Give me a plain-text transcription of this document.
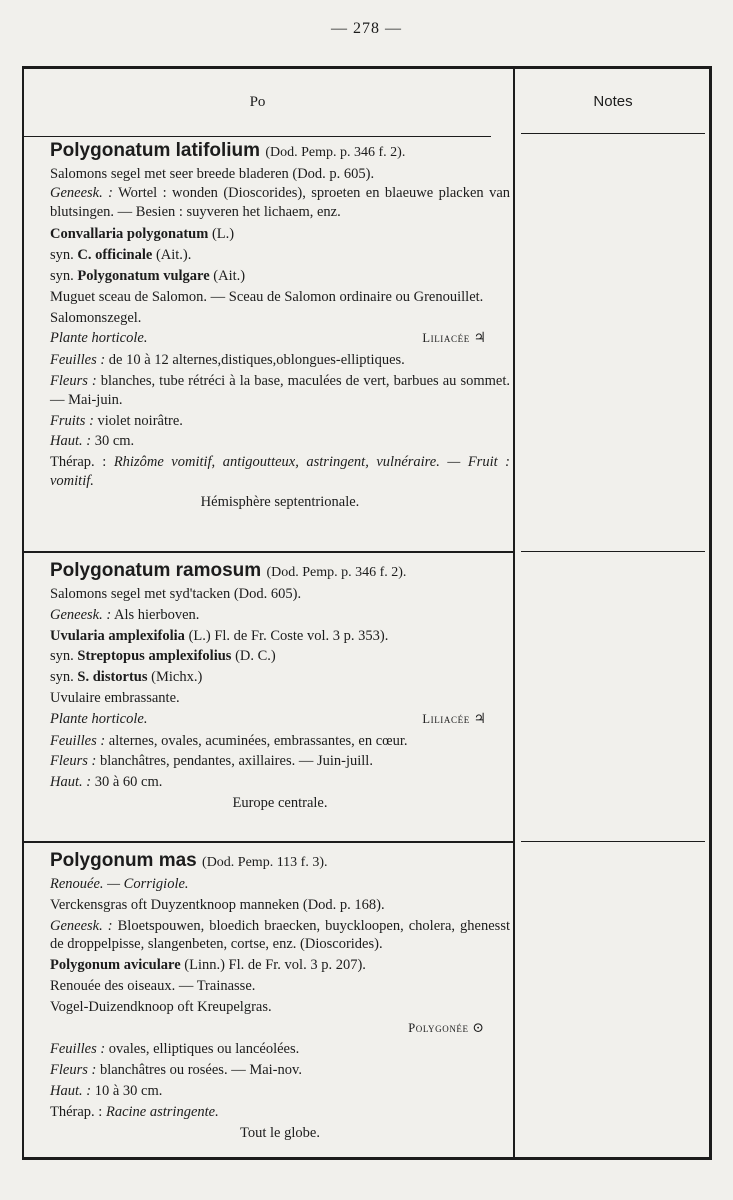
— 278 —
Po	Notes

Polygonatum latifolium (Dod. Pemp. p. 346 f. 2).

Salomons segel met seer breede bladeren (Dod. p. 605).

Geneesk. : Wortel : wonden (Dioscorides), sproeten en blaeuwe placken van blutsingen. — Besien : suyveren het lichaem, enz.

Convallaria polygonatum (L.)

syn. C. officinale (Ait.).

syn. Polygonatum vulgare (Ait.)

Muguet sceau de Salomon. — Sceau de Salomon ordinaire ou Grenouillet.

Salomonszegel.

Plante horticole.	Liliacée ♃

Feuilles : de 10 à 12 alternes,distiques,oblongues-elliptiques.

Fleurs : blanches, tube rétréci à la base, maculées de vert, barbues au sommet. — Mai-juin.

Fruits : violet noirâtre.

Haut. : 30 cm.

Thérap. : Rhizôme vomitif, antigoutteux, astringent, vulnéraire. — Fruit : vomitif.

Hémisphère septentrionale.

Polygonatum ramosum (Dod. Pemp. p. 346 f. 2).

Salomons segel met syd'tacken (Dod. 605).

Geneesk. : Als hierboven.

Uvularia amplexifolia (L.) Fl. de Fr. Coste vol. 3 p. 353).

syn. Streptopus amplexifolius (D. C.)

syn. S. distortus (Michx.)

Uvulaire embrassante.

Plante horticole.	Liliacée ♃

Feuilles : alternes, ovales, acuminées, embrassantes, en cœur.

Fleurs : blanchâtres, pendantes, axillaires. — Juin-juill.

Haut. : 30 à 60 cm.

Europe centrale.

Polygonum mas (Dod. Pemp. 113 f. 3).

Renouée. — Corrigiole.

Verckensgras oft Duyzentknoop manneken (Dod. p. 168).

Geneesk. : Bloetspouwen, bloedich braecken, buyckloopen, cholera, ghenesst de droppelpisse, slangenbeten, cortse, enz. (Dioscorides).

Polygonum aviculare (Linn.) Fl. de Fr. vol. 3 p. 207).

Renouée des oiseaux. — Trainasse.

Vogel-Duizendknoop oft Kreupelgras.

Polygonée ⊙

Feuilles : ovales, elliptiques ou lancéolées.

Fleurs : blanchâtres ou rosées. — Mai-nov.

Haut. : 10 à 30 cm.

Thérap. : Racine astringente.

Tout le globe.
